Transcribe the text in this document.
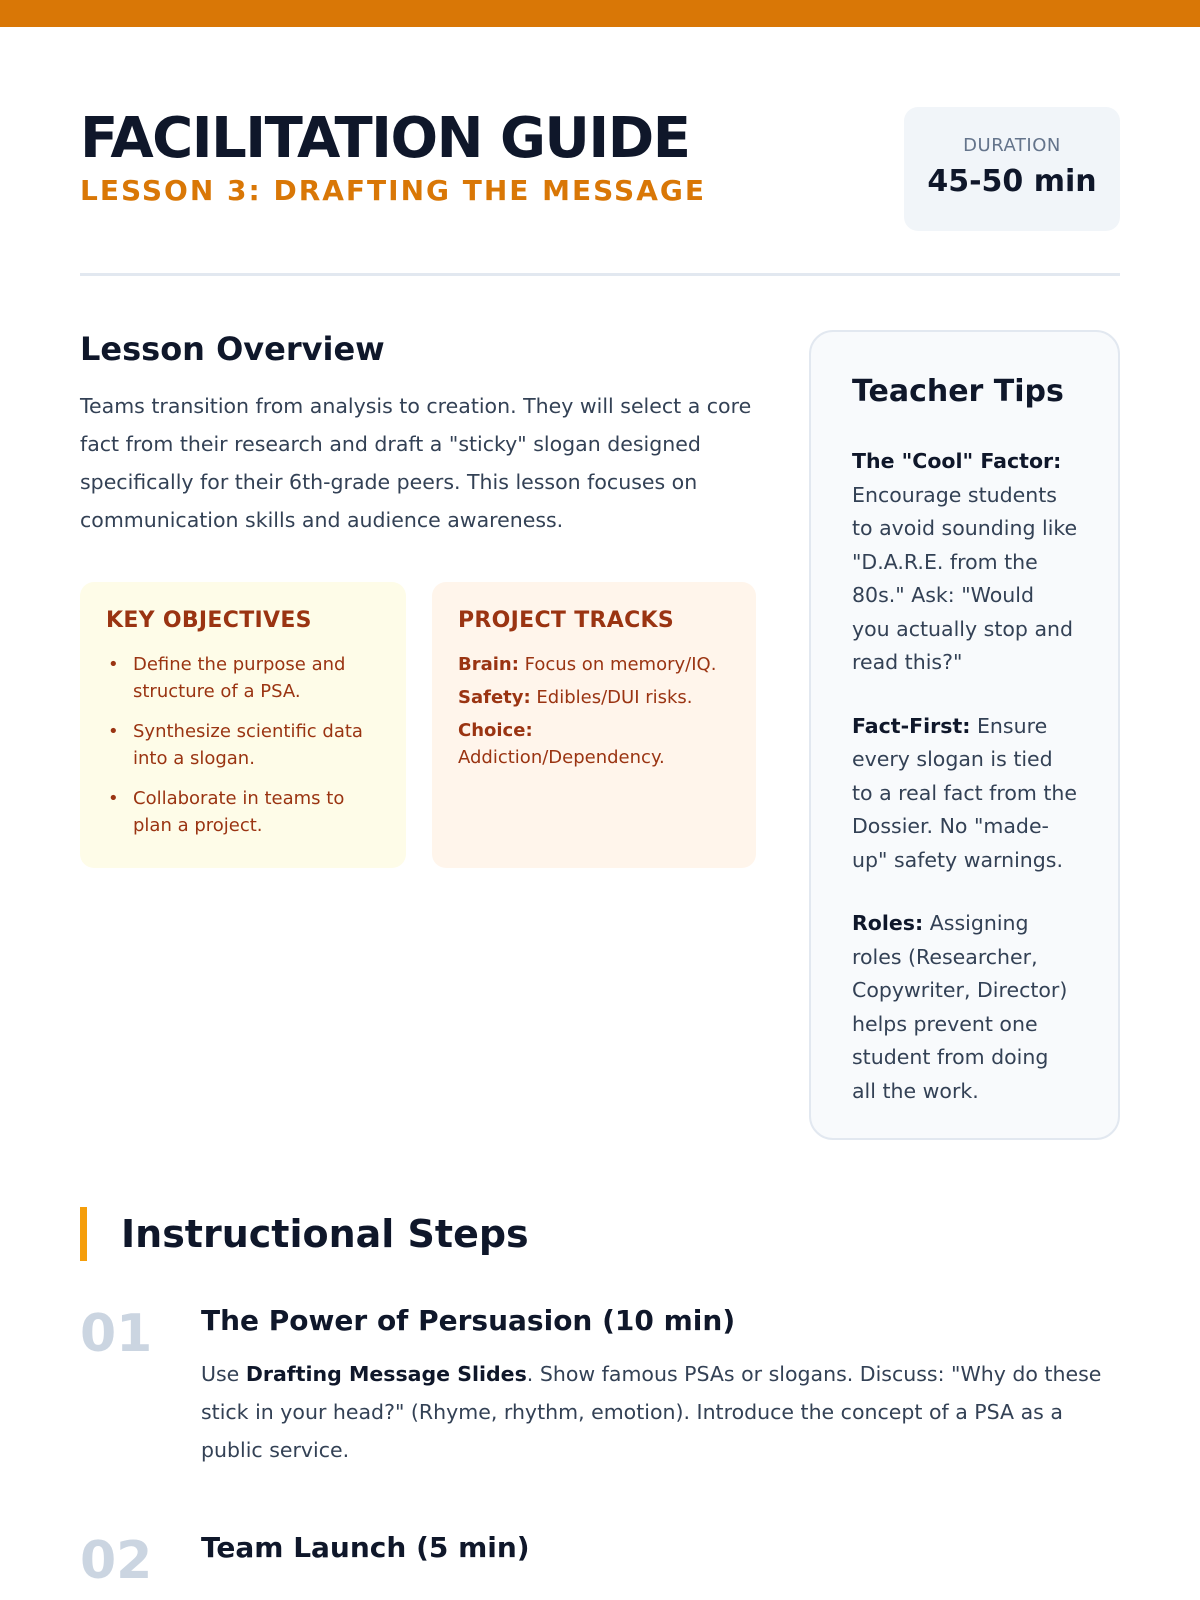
FACILITATION GUIDE
LESSON 3: DRAFTING THE MESSAGE
DURATION
45-50 min
Lesson Overview

Teams transition from analysis to creation. They will select a core fact from their research and draft a "sticky" slogan designed specifically for their 6th-grade peers. This lesson focuses on communication skills and audience awareness.

KEY OBJECTIVES
• Define the purpose and structure of a PSA.
• Synthesize scientific data into a slogan.
• Collaborate in teams to plan a project.
PROJECT TRACKS
Brain: Focus on memory/IQ.
Safety: Edibles/DUI risks.
Choice:
Addiction/Dependency.
Teacher Tips

The "Cool" Factor: Encourage students to avoid sounding like "D.A.R.E. from the 80s." Ask: "Would you actually stop and read this?"

Fact-First: Ensure every slogan is tied to a real fact from the Dossier. No "made-up" safety warnings.

Roles: Assigning roles (Researcher, Copywriter, Director) helps prevent one student from doing all the work.

Instructional Steps
01 The Power of Persuasion (10 min)

Use Drafting Message Slides. Show famous PSAs or slogans. Discuss: "Why do these stick in your head?" (Rhyme, rhythm, emotion). Introduce the concept of a PSA as a public service.

02 Team Launch (5 min)
